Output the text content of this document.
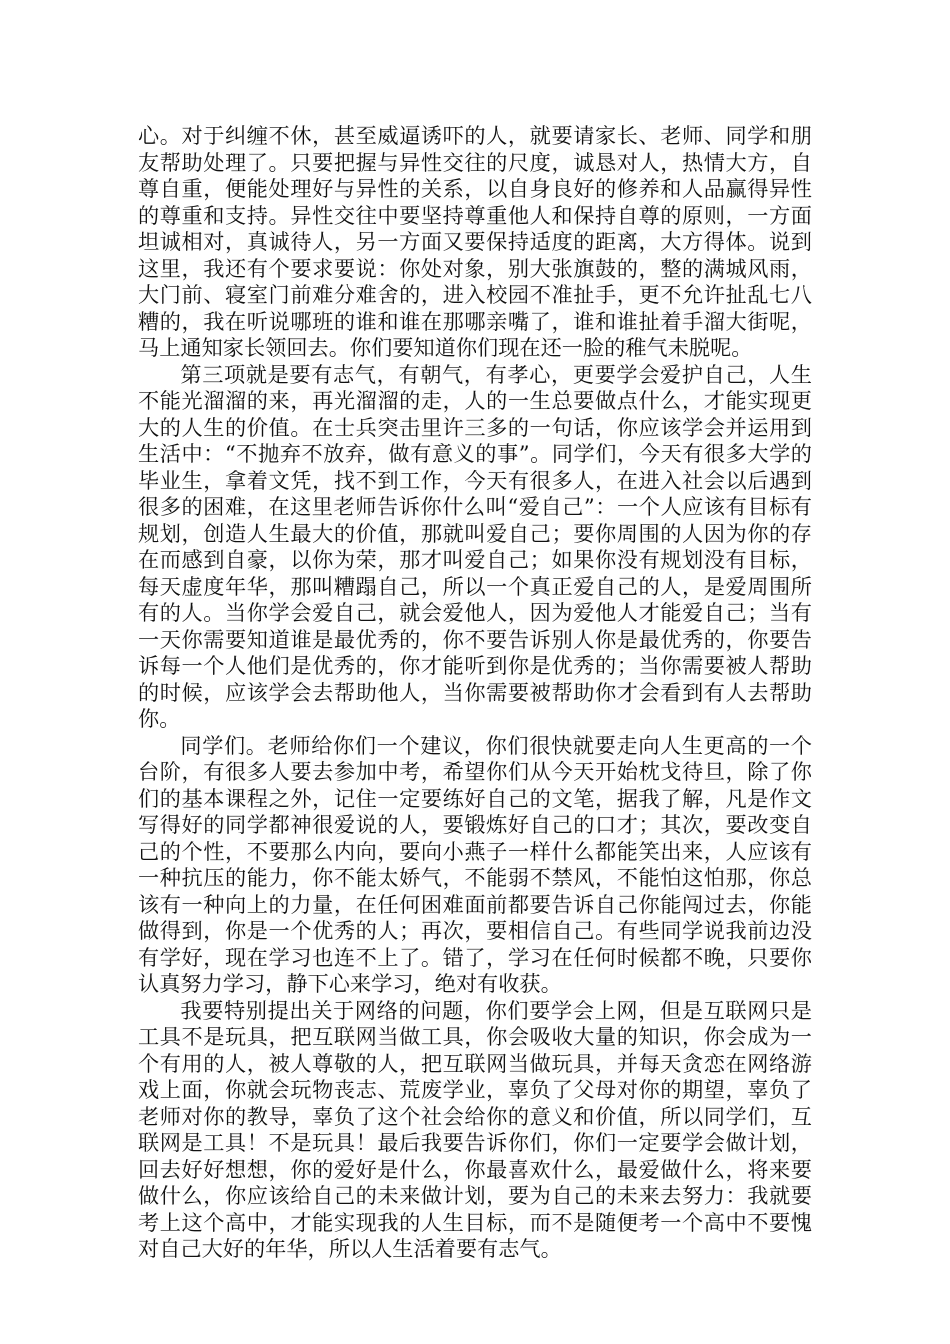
心。对于纠缠不休，甚至威逼诱吓的人，就要请家长、老师、同学和朋友帮助处理了。只要把握与异性交往的尺度，诚恳对人，热情大方，自尊自重，便能处理好与异性的关系，以自身良好的修养和人品赢得异性的尊重和支持。异性交往中要坚持尊重他人和保持自尊的原则，一方面坦诚相对，真诚待人，另一方面又要保持适度的距离，大方得体。说到这里，我还有个要求要说：你处对象，别大张旗鼓的，整的满城风雨，大门前、寝室门前难分难舍的，进入校园不准扯手，更不允许扯乱七八糟的，我在听说哪班的谁和谁在那哪亲嘴了，谁和谁扯着手溜大街呢，马上通知家长领回去。你们要知道你们现在还一脸的稚气未脱呢。

第三项就是要有志气，有朝气，有孝心，更要学会爱护自己，人生不能光溜溜的来，再光溜溜的走，人的一生总要做点什么，才能实现更大的人生的价值。在士兵突击里许三多的一句话，你应该学会并运用到生活中：“不抛弃不放弃，做有意义的事”。同学们，今天有很多大学的毕业生，拿着文凭，找不到工作，今天有很多人，在进入社会以后遇到很多的困难，在这里老师告诉你什么叫“爱自己”：一个人应该有目标有规划，创造人生最大的价值，那就叫爱自己；要你周围的人因为你的存在而感到自豪，以你为荣，那才叫爱自己；如果你没有规划没有目标，每天虚度年华，那叫糟蹋自己，所以一个真正爱自己的人，是爱周围所有的人。当你学会爱自己，就会爱他人，因为爱他人才能爱自己；当有一天你需要知道谁是最优秀的，你不要告诉别人你是最优秀的，你要告诉每一个人他们是优秀的，你才能听到你是优秀的；当你需要被人帮助的时候，应该学会去帮助他人，当你需要被帮助你才会看到有人去帮助你。

同学们。老师给你们一个建议，你们很快就要走向人生更高的一个台阶，有很多人要去参加中考，希望你们从今天开始枕戈待旦，除了你们的基本课程之外，记住一定要练好自己的文笔，据我了解，凡是作文写得好的同学都神很爱说的人，要锻炼好自己的口才；其次，要改变自己的个性，不要那么内向，要向小燕子一样什么都能笑出来，人应该有一种抗压的能力，你不能太娇气，不能弱不禁风，不能怕这怕那，你总该有一种向上的力量，在任何困难面前都要告诉自己你能闯过去，你能做得到，你是一个优秀的人；再次，要相信自己。有些同学说我前边没有学好，现在学习也连不上了。错了，学习在任何时候都不晚，只要你认真努力学习，静下心来学习，绝对有收获。

我要特别提出关于网络的问题，你们要学会上网，但是互联网只是工具不是玩具，把互联网当做工具，你会吸收大量的知识，你会成为一个有用的人，被人尊敬的人，把互联网当做玩具，并每天贪恋在网络游戏上面，你就会玩物丧志、荒废学业，辜负了父母对你的期望，辜负了老师对你的教导，辜负了这个社会给你的意义和价值，所以同学们，互联网是工具！不是玩具！最后我要告诉你们，你们一定要学会做计划，回去好好想想，你的爱好是什么，你最喜欢什么，最爱做什么，将来要做什么，你应该给自己的未来做计划，要为自己的未来去努力：我就要考上这个高中，才能实现我的人生目标，而不是随便考一个高中不要愧对自己大好的年华，所以人生活着要有志气。
